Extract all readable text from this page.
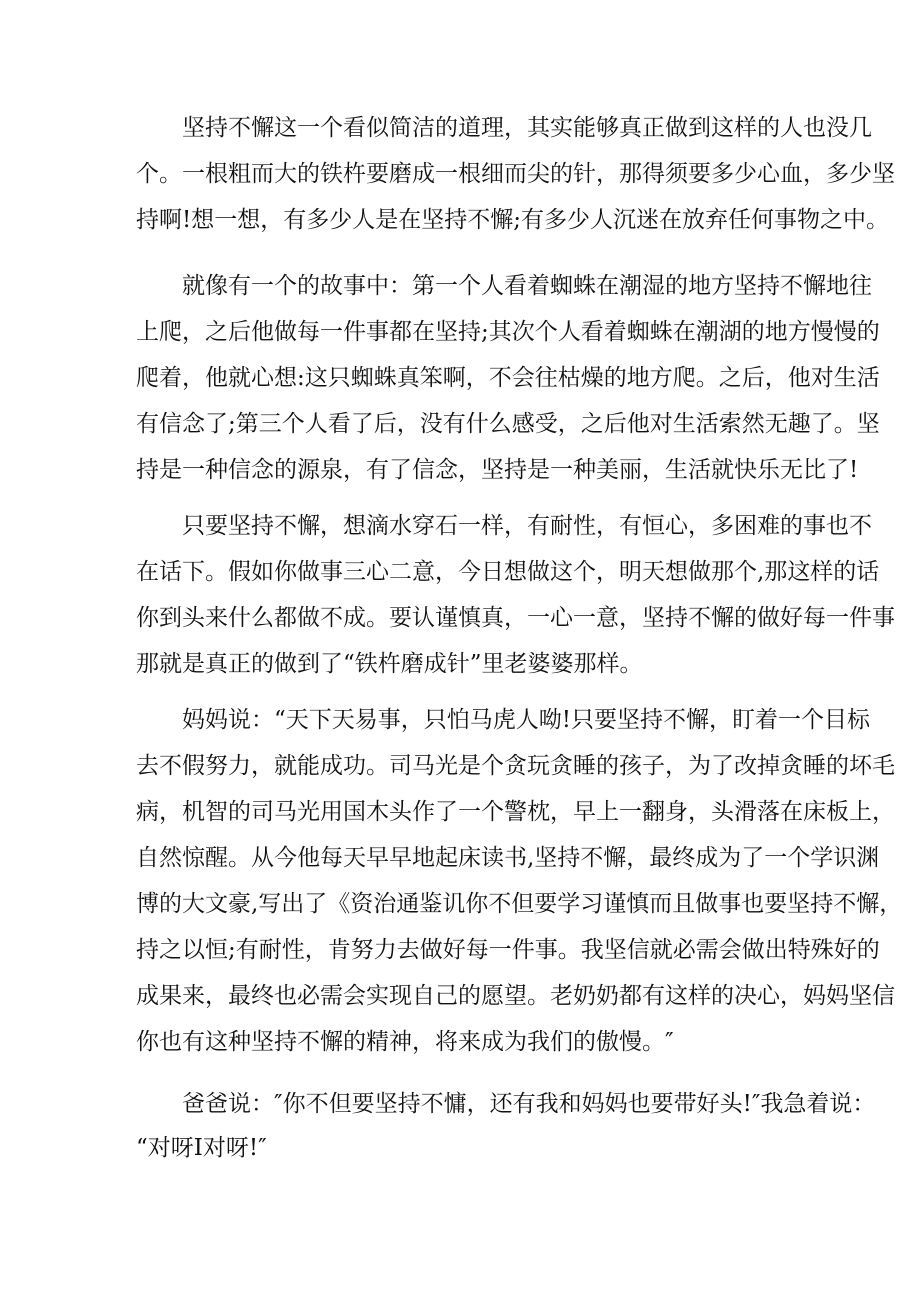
坚持不懈这一个看似简洁的道理，其实能够真正做到这样的人也没几
个。一根粗而大的铁杵要磨成一根细而尖的针，那得须要多少心血，多少坚
持啊!想一想，有多少人是在坚持不懈;有多少人沉迷在放弃任何事物之中。
就像有一个的故事中：第一个人看着蜘蛛在潮湿的地方坚持不懈地往
上爬，之后他做每一件事都在坚持;其次个人看着蜘蛛在潮湖的地方慢慢的
爬着，他就心想:这只蜘蛛真笨啊，不会往枯燥的地方爬。之后，他对生活
有信念了;第三个人看了后，没有什么感受，之后他对生活索然无趣了。坚
持是一种信念的源泉，有了信念，坚持是一种美丽，生活就快乐无比了!
只要坚持不懈，想滴水穿石一样，有耐性，有恒心，多困难的事也不
在话下。假如你做事三心二意，今日想做这个，明天想做那个,那这样的话
你到头来什么都做不成。要认谨慎真，一心一意，坚持不懈的做好每一件事
那就是真正的做到了“铁杵磨成针”里老婆婆那样。
妈妈说：“天下天易事，只怕马虎人呦!只要坚持不懈，盯着一个目标
去不假努力，就能成功。司马光是个贪玩贪睡的孩子，为了改掉贪睡的坏毛
病，机智的司马光用国木头作了一个警枕，早上一翻身，头滑落在床板上，
自然惊醒。从今他每天早早地起床读书,坚持不懈，最终成为了一个学识渊
博的大文豪,写出了《资治通鉴讥你不但要学习谨慎而且做事也要坚持不懈，
持之以恒;有耐性，肯努力去做好每一件事。我坚信就必需会做出特殊好的
成果来，最终也必需会实现自己的愿望。老奶奶都有这样的决心，妈妈坚信
你也有这种坚持不懈的精神，将来成为我们的傲慢。″
爸爸说：″你不但要坚持不慵，还有我和妈妈也要带好头!″我急着说：
“对呀I对呀!″
